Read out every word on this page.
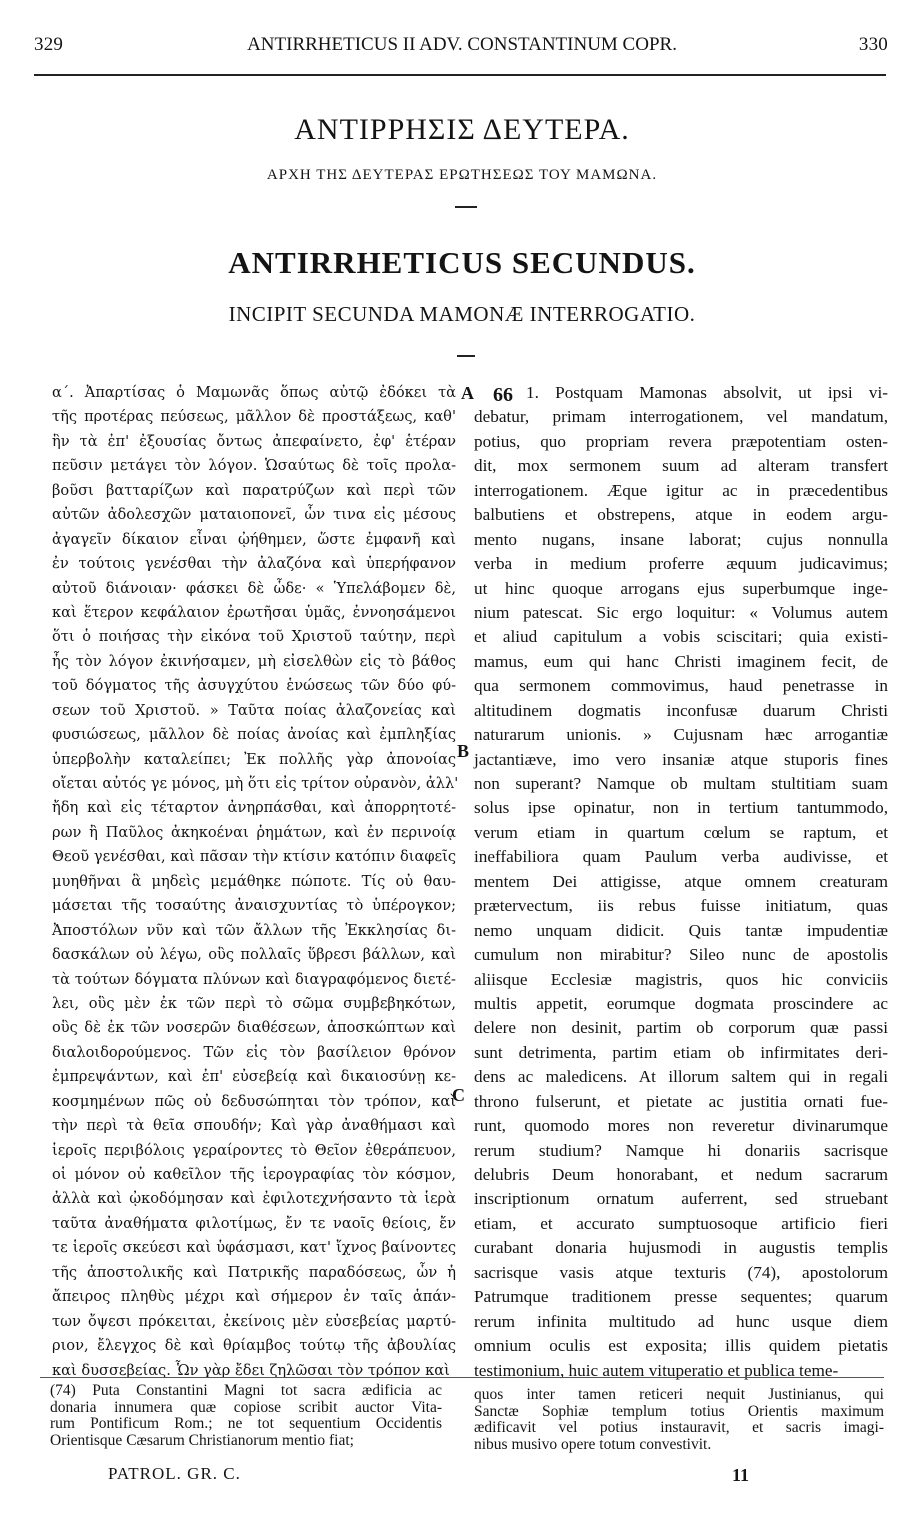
329	ANTIRRHETICUS II ADV. CONSTANTINUM COPR.	330
ΑΝΤΙΡΡΗΣΙΣ ΔΕΥΤΕΡΑ.
ΑΡΧΗ ΤΗΣ ΔΕΥΤΕΡΑΣ ΕΡΩΤΗΣΕΩΣ ΤΟΥ ΜΑΜΩΝΑ.
ANTIRRHETICUS SECUNDUS.
INCIPIT SECUNDA MAMONÆ INTERROGATIO.
α΄. Ἀπαρτίσας ὁ Μαμωνᾶς ὅπως αὐτῷ ἐδόκει τὰ
τῆς προτέρας πεύσεως, μᾶλλον δὲ προστάξεως, καθ'
ἣν τὰ ἐπ' ἐξουσίας ὄντως ἀπεφαίνετο, ἐφ' ἑτέραν
πεῦσιν μετάγει τὸν λόγον. Ὡσαύτως δὲ τοῖς προλα-
βοῦσι βατταρίζων καὶ παρατρύζων καὶ περὶ τῶν
αὐτῶν ἀδολεσχῶν ματαιοπονεῖ, ὧν τινα εἰς μέσους
ἀγαγεῖν δίκαιον εἶναι ᾠήθημεν, ὥστε ἐμφανῆ καὶ
ἐν τούτοις γενέσθαι τὴν ἀλαζόνα καὶ ὑπερήφανον
αὐτοῦ διάνοιαν· φάσκει δὲ ὧδε· « Ὑπελάβομεν δὲ,
καὶ ἕτερον κεφάλαιον ἐρωτῆσαι ὑμᾶς, ἐννοησάμενοι
ὅτι ὁ ποιήσας τὴν εἰκόνα τοῦ Χριστοῦ ταύτην, περὶ
ἧς τὸν λόγον ἐκινήσαμεν, μὴ εἰσελθὼν εἰς τὸ βάθος
τοῦ δόγματος τῆς ἀσυγχύτου ἑνώσεως τῶν δύο φύ-
σεων τοῦ Χριστοῦ. » Ταῦτα ποίας ἀλαζονείας καὶ
φυσιώσεως, μᾶλλον δὲ ποίας ἀνοίας καὶ ἐμπληξίας
ὑπερβολὴν καταλείπει; Ἐκ πολλῆς γὰρ ἀπονοίας
οἴεται αὐτός γε μόνος, μὴ ὅτι εἰς τρίτον οὐρανὸν, ἀλλ'
ἤδη καὶ εἰς τέταρτον ἀνηρπάσθαι, καὶ ἀπορρητοτέ-
ρων ἢ Παῦλος ἀκηκοέναι ῥημάτων, καὶ ἐν περινοίᾳ
Θεοῦ γενέσθαι, καὶ πᾶσαν τὴν κτίσιν κατόπιν διαφεῖς
μυηθῆναι ἃ μηδεὶς μεμάθηκε πώποτε. Τίς οὐ θαυ-
μάσεται τῆς τοσαύτης ἀναισχυντίας τὸ ὑπέρογκον;
Ἀποστόλων νῦν καὶ τῶν ἄλλων τῆς Ἐκκλησίας δι-
δασκάλων οὐ λέγω, οὓς πολλαῖς ὕβρεσι βάλλων, καὶ
τὰ τούτων δόγματα πλύνων καὶ διαγραφόμενος διετέ-
λει, οὓς μὲν ἐκ τῶν περὶ τὸ σῶμα συμβεβηκότων,
οὓς δὲ ἐκ τῶν νοσερῶν διαθέσεων, ἀποσκώπτων καὶ
διαλοιδορούμενος. Τῶν εἰς τὸν βασίλειον θρόνον
ἐμπρεψάντων, καὶ ἐπ' εὐσεβείᾳ καὶ δικαιοσύνῃ κε-
κοσμημένων πῶς οὐ δεδυσώπηται τὸν τρόπον, καὶ
τὴν περὶ τὰ θεῖα σπουδήν; Καὶ γὰρ ἀναθήμασι καὶ
ἱεροῖς περιβόλοις γεραίροντες τὸ Θεῖον ἐθεράπευον,
οἱ μόνον οὐ καθεῖλον τῆς ἱερογραφίας τὸν κόσμον,
ἀλλὰ καὶ ᾠκοδόμησαν καὶ ἐφιλοτεχνήσαντο τὰ ἱερὰ
ταῦτα ἀναθήματα φιλοτίμως, ἔν τε ναοῖς θείοις, ἔν
τε ἱεροῖς σκεύεσι καὶ ὑφάσμασι, κατ' ἴχνος βαίνοντες
τῆς ἀποστολικῆς καὶ Πατρικῆς παραδόσεως, ὧν ἡ
ἄπειρος πληθὺς μέχρι καὶ σήμερον ἐν ταῖς ἁπάν-
των ὄψεσι πρόκειται, ἐκείνοις μὲν εὐσεβείας μαρτύ-
ριον, ἔλεγχος δὲ καὶ θρίαμβος τούτῳ τῆς ἀβουλίας
καὶ δυσσεβείας. Ὧν γὰρ ἔδει ζηλῶσαι τὸν τρόπον καὶ
1. Postquam Mamonas absolvit, ut ipsi vi-
debatur, primam interrogationem, vel mandatum,
potius, quo propriam revera præpotentiam osten-
dit, mox sermonem suum ad alteram transfert
interrogationem. Æque igitur ac in præcedentibus
balbutiens et obstrepens, atque in eodem argu-
mento nugans, insane laborat; cujus nonnulla
verba in medium proferre æquum judicavimus;
ut hinc quoque arrogans ejus superbumque inge-
nium patescat. Sic ergo loquitur: « Volumus autem
et aliud capitulum a vobis sciscitari; quia existi-
mamus, eum qui hanc Christi imaginem fecit, de
qua sermonem commovimus, haud penetrasse in
altitudinem dogmatis inconfusæ duarum Christi
naturarum unionis. » Cujusnam hæc arrogantiæ
jactantiæve, imo vero insaniæ atque stuporis fines
non superant? Namque ob multam stultitiam suam
solus ipse opinatur, non in tertium tantummodo,
verum etiam in quartum cœlum se raptum, et
ineffabiliora quam Paulum verba audivisse, et
mentem Dei attigisse, atque omnem creaturam
prætervectum, iis rebus fuisse initiatum, quas
nemo unquam didicit. Quis tantæ impudentiæ
cumulum non mirabitur? Sileo nunc de apostolis
aliisque Ecclesiæ magistris, quos hic conviciis
multis appetit, eorumque dogmata proscindere ac
delere non desinit, partim ob corporum quæ passi
sunt detrimenta, partim etiam ob infirmitates deri-
dens ac maledicens. At illorum saltem qui in regali
throno fulserunt, et pietate ac justitia ornati fue-
runt, quomodo mores non reveretur divinarumque
rerum studium? Namque hi donariis sacrisque
delubris Deum honorabant, et nedum sacrarum
inscriptionum ornatum auferrent, sed struebant
etiam, et accurato sumptuosoque artificio fieri
curabant donaria hujusmodi in augustis templis
sacrisque vasis atque texturis (74), apostolorum
Patrumque traditionem presse sequentes; quarum
rerum infinita multitudo ad hunc usque diem
omnium oculis est exposita; illis quidem pietatis
testimonium, huic autem vituperatio et publica teme-
A
B
C
66
(74) Puta Constantini Magni tot sacra ædificia ac
donaria innumera quæ copiose scribit auctor Vita-
rum Pontificum Rom.; ne tot sequentium Occidentis
Orientisque Cæsarum Christianorum mentio fiat;
quos inter tamen reticeri nequit Justinianus, qui
Sanctæ Sophiæ templum totius Orientis maximum
ædificavit vel potius instauravit, et sacris imagi-
nibus musivo opere totum convestivit.
PATROL. GR. C.	11
